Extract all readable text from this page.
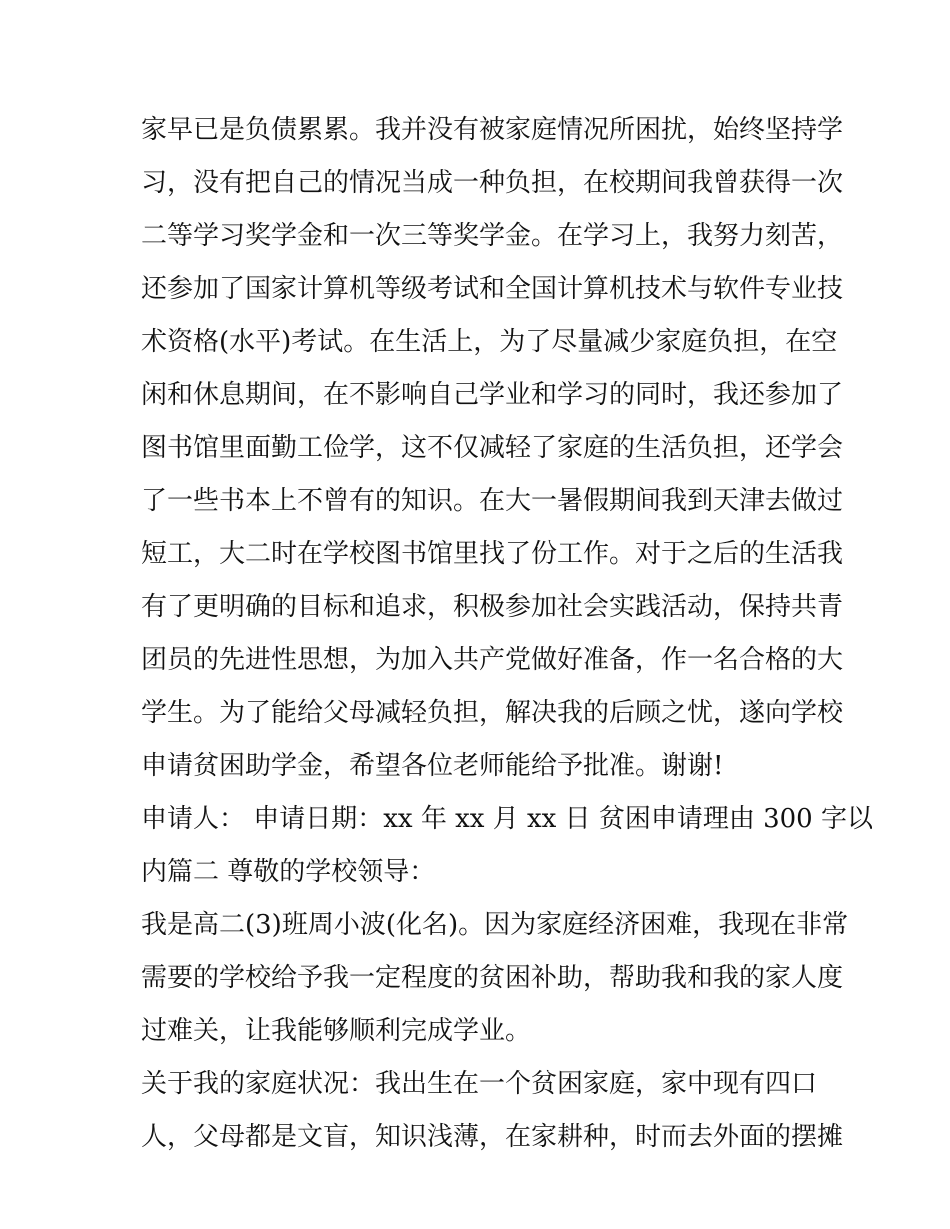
家早已是负债累累。我并没有被家庭情况所困扰，始终坚持学
习，没有把自己的情况当成一种负担，在校期间我曾获得一次
二等学习奖学金和一次三等奖学金。在学习上，我努力刻苦，
还参加了国家计算机等级考试和全国计算机技术与软件专业技
术资格(水平)考试。在生活上，为了尽量减少家庭负担，在空
闲和休息期间，在不影响自己学业和学习的同时，我还参加了
图书馆里面勤工俭学，这不仅减轻了家庭的生活负担，还学会
了一些书本上不曾有的知识。在大一暑假期间我到天津去做过
短工，大二时在学校图书馆里找了份工作。对于之后的生活我
有了更明确的目标和追求，积极参加社会实践活动，保持共青
团员的先进性思想，为加入共产党做好准备，作一名合格的大
学生。为了能给父母减轻负担，解决我的后顾之忧，遂向学校
申请贫困助学金，希望各位老师能给予批准。谢谢!
申请人： 申请日期：xx 年 xx 月 xx 日 贫困申请理由 300 字以
内篇二 尊敬的学校领导：
我是高二(3)班周小波(化名)。因为家庭经济困难，我现在非常
需要的学校给予我一定程度的贫困补助，帮助我和我的家人度
过难关，让我能够顺利完成学业。
关于我的家庭状况：我出生在一个贫困家庭，家中现有四口
人，父母都是文盲，知识浅薄，在家耕种，时而去外面的摆摊
